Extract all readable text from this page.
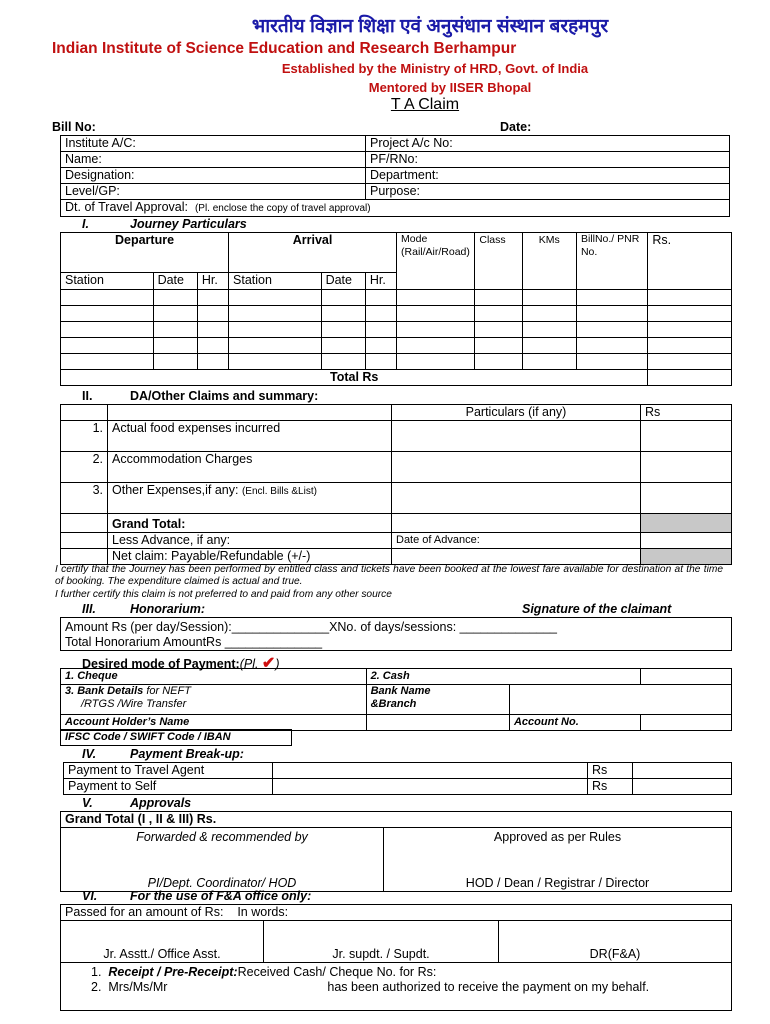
भारतीय विज्ञान शिक्षा एवं अनुसंधान संस्थान बरहमपुर
Indian Institute of Science Education and Research Berhampur
Established by the Ministry of HRD, Govt. of India
Mentored by IISER Bhopal
T A Claim
Bill No:	Date:
Institute A/C:	Project A/c No:
Name:	PF/RNo:
Designation:	Department:
Level/GP:	Purpose:
Dt. of Travel Approval: (Pl. enclose the copy of travel approval)	
I.	Journey Particulars
Departure			Arrival			Mode (Rail/Air/Road)	Class	KMs	BillNo./ PNR No.	Rs.
Station	Date	Hr.	Station	Date	Hr.					

Total Rs										
II.	DA/Other Claims and summary:
		Particulars (if any)	Rs
1.	Actual food expenses incurred		
2.	Accommodation Charges		
3.	Other Expenses,if any: (Encl. Bills &List)		
	Grand Total:		
	Less Advance, if any:	Date of Advance:	
	Net claim: Payable/Refundable (+/-)		
I certify that the Journey has been performed by entitled class and tickets have been booked at the lowest fare available for destination at the time of booking. The expenditure claimed is actual and true.
I further certify this claim is not preferred to and paid from any other source
III.	Honorarium:	Signature of the claimant
Amount Rs (per day/Session):______________XNo. of days/sessions: ______________
Total Honorarium AmountRs ______________
Desired mode of Payment:(Pl. ✔)
1. Cheque	2. Cash		
3. Bank Details for NEFT
/RTGS /Wire Transfer	Bank Name
&Branch		
Account Holder’s Name		Account No.	
IFSC Code / SWIFT Code / IBAN
IV.	Payment Break-up:
Payment to Travel Agent		Rs	
Payment to Self		Rs	
V.	Approvals
Grand Total (I , II & III) Rs.

Forwarded & recommended by
PI/Dept. Coordinator/ HOD

Approved as per Rules
HOD / Dean / Registrar / Director
VI.	For the use of F&A office only:
Passed for an amount of Rs: In words:
Jr. Asstt./ Office Asst.	Jr. supdt. / Supdt.	DR(F&A)

1. Receipt / Pre-Receipt:Received Cash/ Cheque No. for Rs:
2. Mrs/Ms/Mr	has been authorized to receive the payment on my behalf.
